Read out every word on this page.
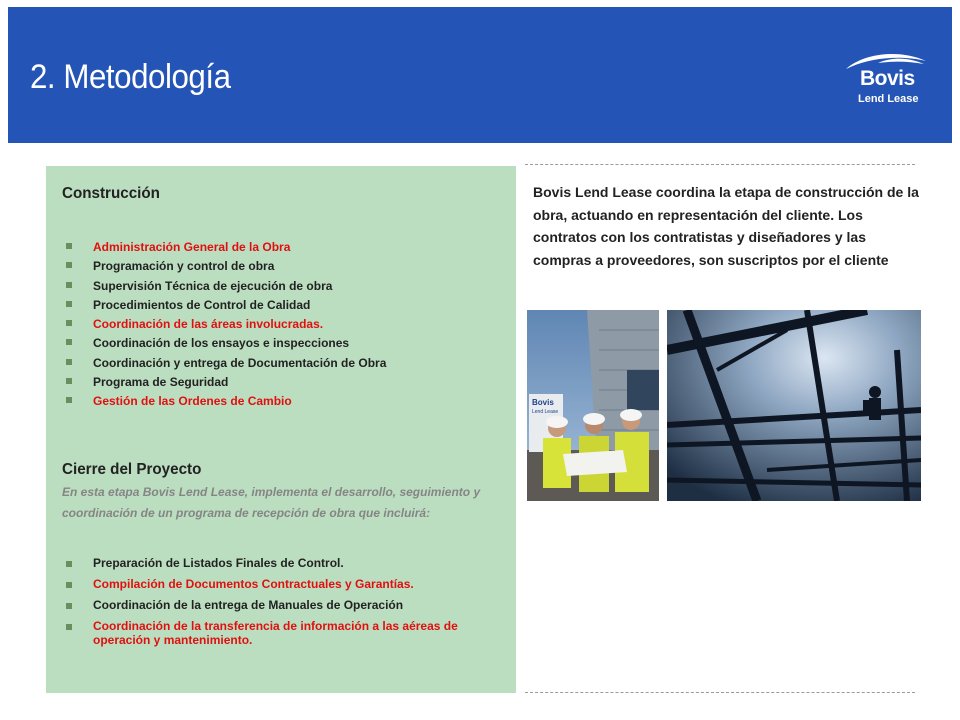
2. Metodología	Bovis
Lend Lease
Construcción
Administración General de la Obra
Programación y control de obra
Supervisión Técnica de ejecución de obra
Procedimientos de Control de Calidad
Coordinación de las áreas involucradas.
Coordinación de los ensayos e inspecciones
Coordinación y entrega de Documentación de Obra
Programa de Seguridad
Gestión de las Ordenes de Cambio
Cierre del Proyecto
En esta etapa Bovis Lend Lease, implementa el desarrollo, seguimiento y coordinación de un programa de recepción de obra que incluirá:
Preparación de Listados Finales de Control.
Compilación de Documentos Contractuales y Garantías.
Coordinación de la entrega de Manuales de Operación
Coordinación de la transferencia de información a las aéreas de operación y mantenimiento.
Bovis Lend Lease coordina la etapa de construcción de la obra, actuando en representación del cliente. Los contratos con los contratistas y diseñadores y las compras a proveedores, son suscriptos por el cliente
Bovis
Lend Lease
